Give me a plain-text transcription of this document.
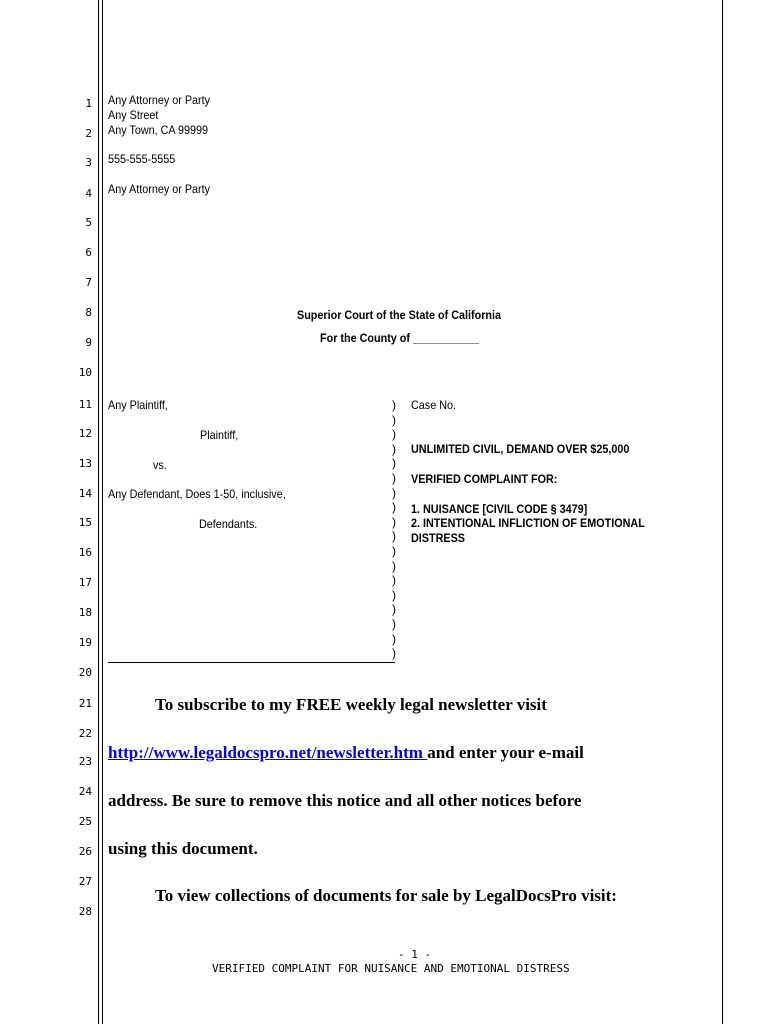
1
2
3
4
5
6
7
8
9
10
11
12
13
14
15
16
17
18
19
20
21
22
23
24
25
26
27
28
Any Attorney or Party
Any Street
Any Town, CA 99999
555-555-5555
Any Attorney or Party
Superior Court of the State of California
For the County of ___________
Any Plaintiff,
Plaintiff,
vs.
Any Defendant, Does 1-50, inclusive,
Defendants.
)
)
)
)
)
)
)
)
)
)
)
)
)
)
)
)
)
)
Case No.
UNLIMITED CIVIL, DEMAND OVER $25,000
VERIFIED COMPLAINT FOR:
1. NUISANCE [CIVIL CODE § 3479]
2. INTENTIONAL INFLICTION OF EMOTIONAL
DISTRESS
To subscribe to my FREE weekly legal newsletter visit
http://www.legaldocspro.net/newsletter.htm and enter your e-mail
address. Be sure to remove this notice and all other notices before
using this document.
To view collections of documents for sale by LegalDocsPro visit:
- 1 -
VERIFIED COMPLAINT FOR NUISANCE AND EMOTIONAL DISTRESS
